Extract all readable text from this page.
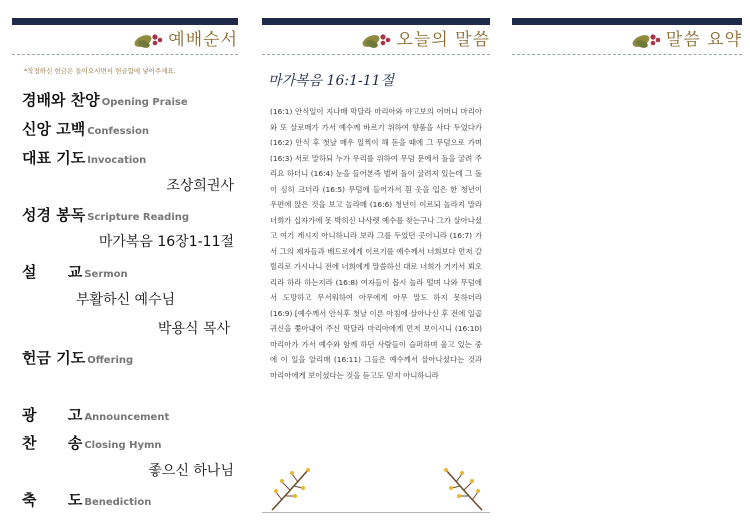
예배순서
*작정하신 헌금은 들어오시면서 헌금함에 넣어주세요.
경배와 찬양 Opening Praise
신앙 고백 Confession
대표 기도 Invocation
조상희권사
성경 봉독 Scripture Reading
마가복음 16장1-11절
설      교 Sermon
부활하신 예수님
박용식 목사
헌금 기도 Offering
광      고 Announcement
찬      송 Closing Hymn
좋으신 하나님
축      도 Benediction
오늘의 말씀
마가복음 16:1-11절
(16:1) 안식일이 지나매 막달라 마리아와 야고보의 어머니 마리아와 또 살로메가 가서 예수께 바르기 위하여 향품을 사다 두었다가 (16:2) 안식 후 첫날 매우 일찍이 해 돋을 때에 그 무덤으로 가며 (16:3) 서로 말하되 누가 우리를 위하여 무덤 문에서 돌을 굴려 주리요 하더니 (16:4) 눈을 들어본즉 벌써 돌이 굴려져 있는데 그 돌이 심히 크더라 (16:5) 무덤에 들어가서 흰 옷을 입은 한 청년이 우편에 앉은 것을 보고 놀라매 (16:6) 청년이 이르되 놀라지 말라 너희가 십자가에 못 박히신 나사렛 예수를 찾는구나 그가 살아나셨고 여기 계시지 아니하니라 보라 그를 두었던 곳이니라 (16:7) 가서 그의 제자들과 베드로에게 이르기를 예수께서 너희보다 먼저 갈릴리로 가시나니 전에 너희에게 말씀하신 대로 너희가 거기서 뵈오리라 하라 하는지라 (16:8) 여자들이 몹시 놀라 떨며 나와 무덤에서 도망하고 무서워하여 아무에게 아무 말도 하지 못하더라 (16:9) [예수께서 안식후 첫날 이른 아침에 살아나신 후 전에 일곱 귀신을 쫓아내어 주신 막달라 마리아에게 먼저 보이시니 (16:10) 마리아가 가서 예수와 함께 하던 사람들이 슬퍼하며 울고 있는 중에 이 일을 알리매 (16:11) 그들은 예수께서 살아나셨다는 것과 마리아에게 보이셨다는 것을 듣고도 믿지 아니하니라
말씀 요약
